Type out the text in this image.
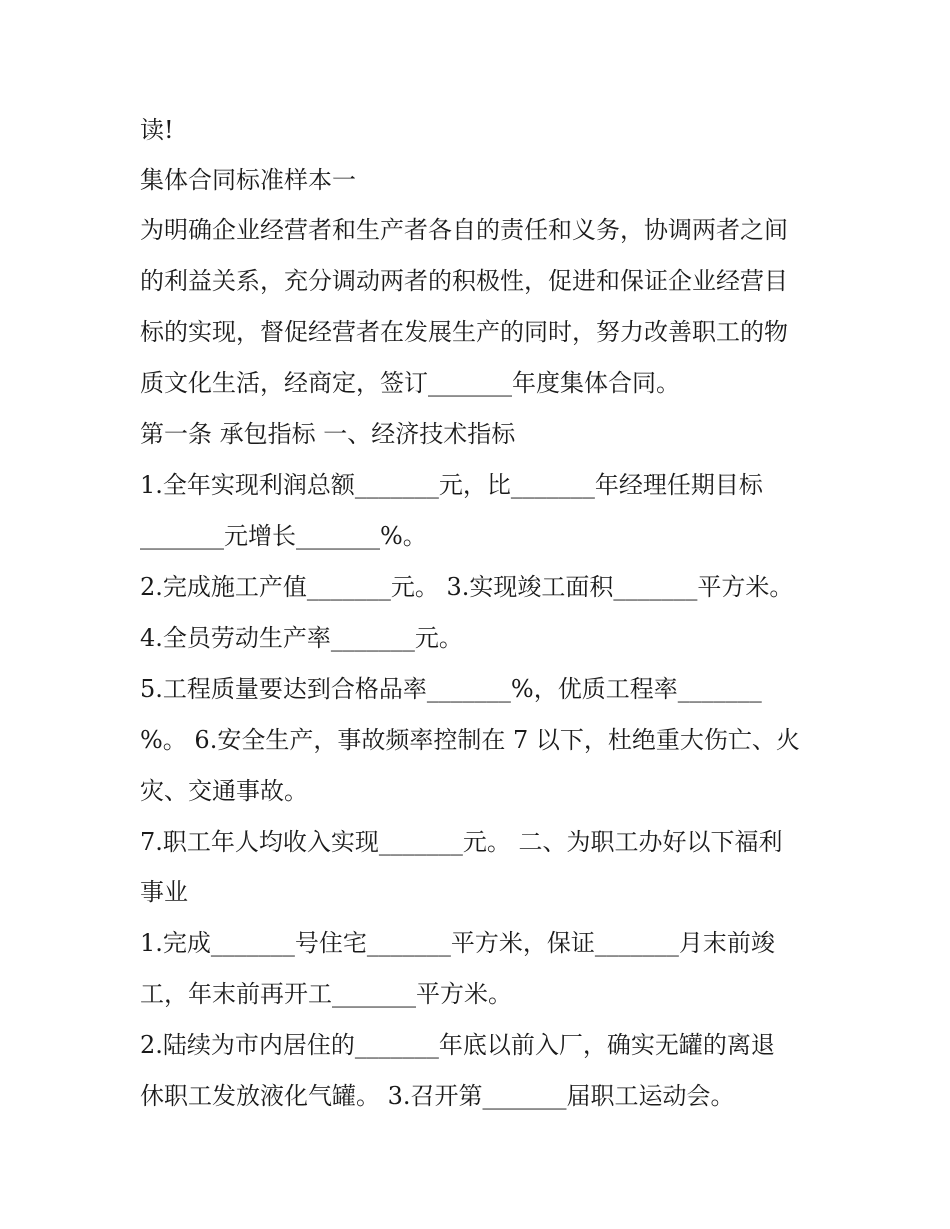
读!
集体合同标准样本一
为明确企业经营者和生产者各自的责任和义务，协调两者之间
的利益关系，充分调动两者的积极性，促进和保证企业经营目
标的实现，督促经营者在发展生产的同时，努力改善职工的物
质文化生活，经商定，签订_______年度集体合同。
第一条 承包指标 一、经济技术指标
1.全年实现利润总额_______元，比_______年经理任期目标
_______元增长_______%。
2.完成施工产值_______元。 3.实现竣工面积_______平方米。
4.全员劳动生产率_______元。
5.工程质量要达到合格品率_______%，优质工程率_______
%。 6.安全生产，事故频率控制在 7 以下，杜绝重大伤亡、火
灾、交通事故。
7.职工年人均收入实现_______元。 二、为职工办好以下福利
事业
1.完成_______号住宅_______平方米，保证_______月末前竣
工，年末前再开工_______平方米。
2.陆续为市内居住的_______年底以前入厂，确实无罐的离退
休职工发放液化气罐。 3.召开第_______届职工运动会。
